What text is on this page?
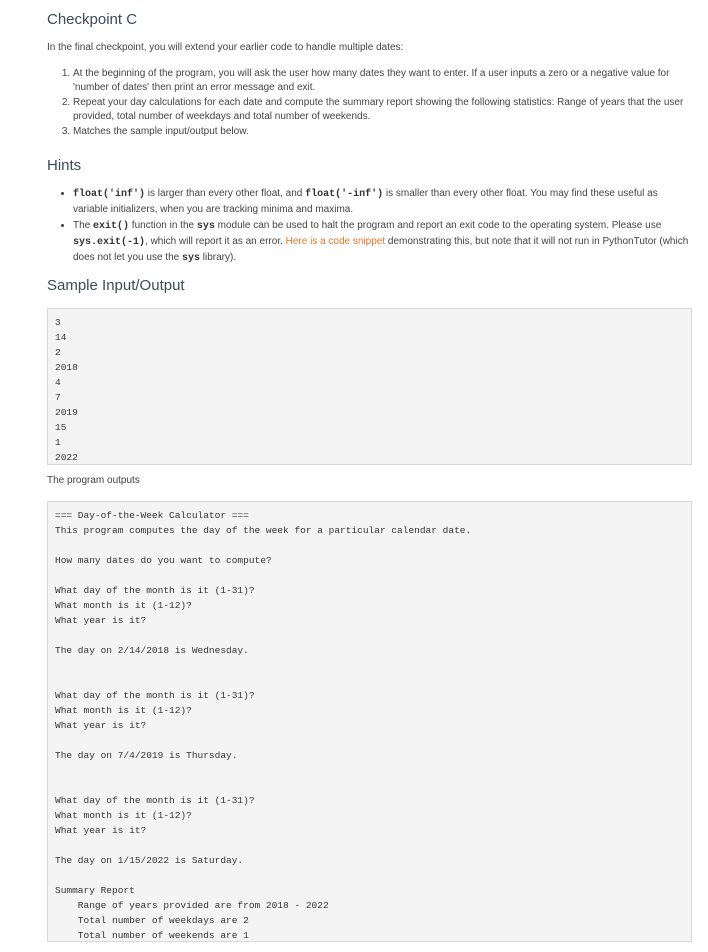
Checkpoint C

In the final checkpoint, you will extend your earlier code to handle multiple dates:

1. At the beginning of the program, you will ask the user how many dates they want to enter. If a user inputs a zero or a negative value for 'number of dates' then print an error message and exit.
2. Repeat your day calculations for each date and compute the summary report showing the following statistics: Range of years that the user provided, total number of weekdays and total number of weekends.
3. Matches the sample input/output below.
Hints
• float('inf') is larger than every other float, and float('-inf') is smaller than every other float. You may find these useful as variable initializers, when you are tracking minima and maxima.
• The exit() function in the sys module can be used to halt the program and report an exit code to the operating system. Please use sys.exit(-1), which will report it as an error. Here is a code snippet demonstrating this, but note that it will not run in PythonTutor (which does not let you use the sys library).
Sample Input/Output
3
14
2
2018
4
7
2019
15
1
2022

The program outputs

=== Day-of-the-Week Calculator ===
This program computes the day of the week for a particular calendar date.

How many dates do you want to compute?

What day of the month is it (1-31)?
What month is it (1-12)?
What year is it?

The day on 2/14/2018 is Wednesday.

What day of the month is it (1-31)?
What month is it (1-12)?
What year is it?

The day on 7/4/2019 is Thursday.

What day of the month is it (1-31)?
What month is it (1-12)?
What year is it?

The day on 1/15/2022 is Saturday.

Summary Report
Range of years provided are from 2018 - 2022
Total number of weekdays are 2
Total number of weekends are 1
